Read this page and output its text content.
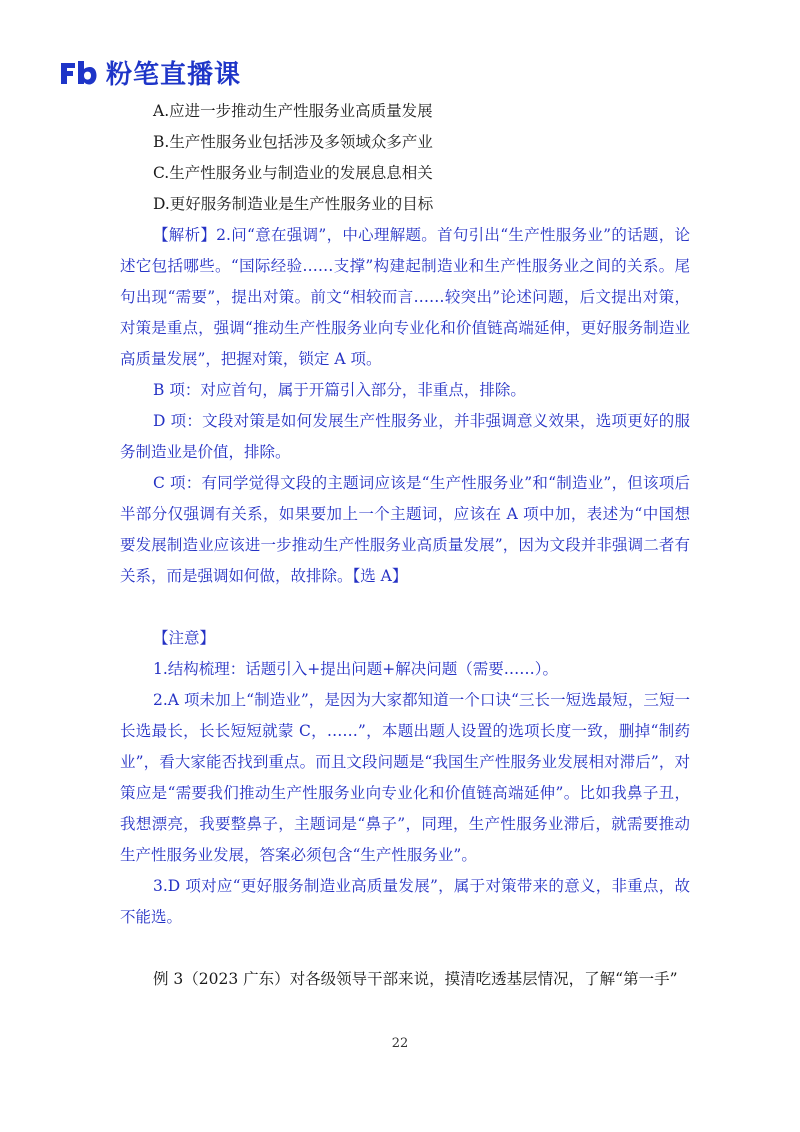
粉笔直播课

A.应进一步推动生产性服务业高质量发展

B.生产性服务业包括涉及多领域众多产业

C.生产性服务业与制造业的发展息息相关

D.更好服务制造业是生产性服务业的目标

【解析】2.问“意在强调”，中心理解题。首句引出“生产性服务业”的话题，论述它包括哪些。“国际经验……支撑”构建起制造业和生产性服务业之间的关系。尾句出现“需要”，提出对策。前文“相较而言……较突出”论述问题，后文提出对策，对策是重点，强调“推动生产性服务业向专业化和价值链高端延伸，更好服务制造业高质量发展”，把握对策，锁定 A 项。

B 项：对应首句，属于开篇引入部分，非重点，排除。

D 项：文段对策是如何发展生产性服务业，并非强调意义效果，选项更好的服务制造业是价值，排除。

C 项：有同学觉得文段的主题词应该是“生产性服务业”和“制造业”，但该项后半部分仅强调有关系，如果要加上一个主题词，应该在 A 项中加，表述为“中国想要发展制造业应该进一步推动生产性服务业高质量发展”，因为文段并非强调二者有关系，而是强调如何做，故排除。【选 A】

【注意】

1.结构梳理：话题引入+提出问题+解决问题（需要……）。

2.A 项未加上“制造业”，是因为大家都知道一个口诀“三长一短选最短，三短一长选最长，长长短短就蒙 C，……”，本题出题人设置的选项长度一致，删掉“制药业”，看大家能否找到重点。而且文段问题是“我国生产性服务业发展相对滞后”，对策应是“需要我们推动生产性服务业向专业化和价值链高端延伸”。比如我鼻子丑，我想漂亮，我要整鼻子，主题词是“鼻子”，同理，生产性服务业滞后，就需要推动生产性服务业发展，答案必须包含“生产性服务业”。

3.D 项对应“更好服务制造业高质量发展”，属于对策带来的意义，非重点，故不能选。

例 3（2023 广东）对各级领导干部来说，摸清吃透基层情况，了解“第一手”

22
